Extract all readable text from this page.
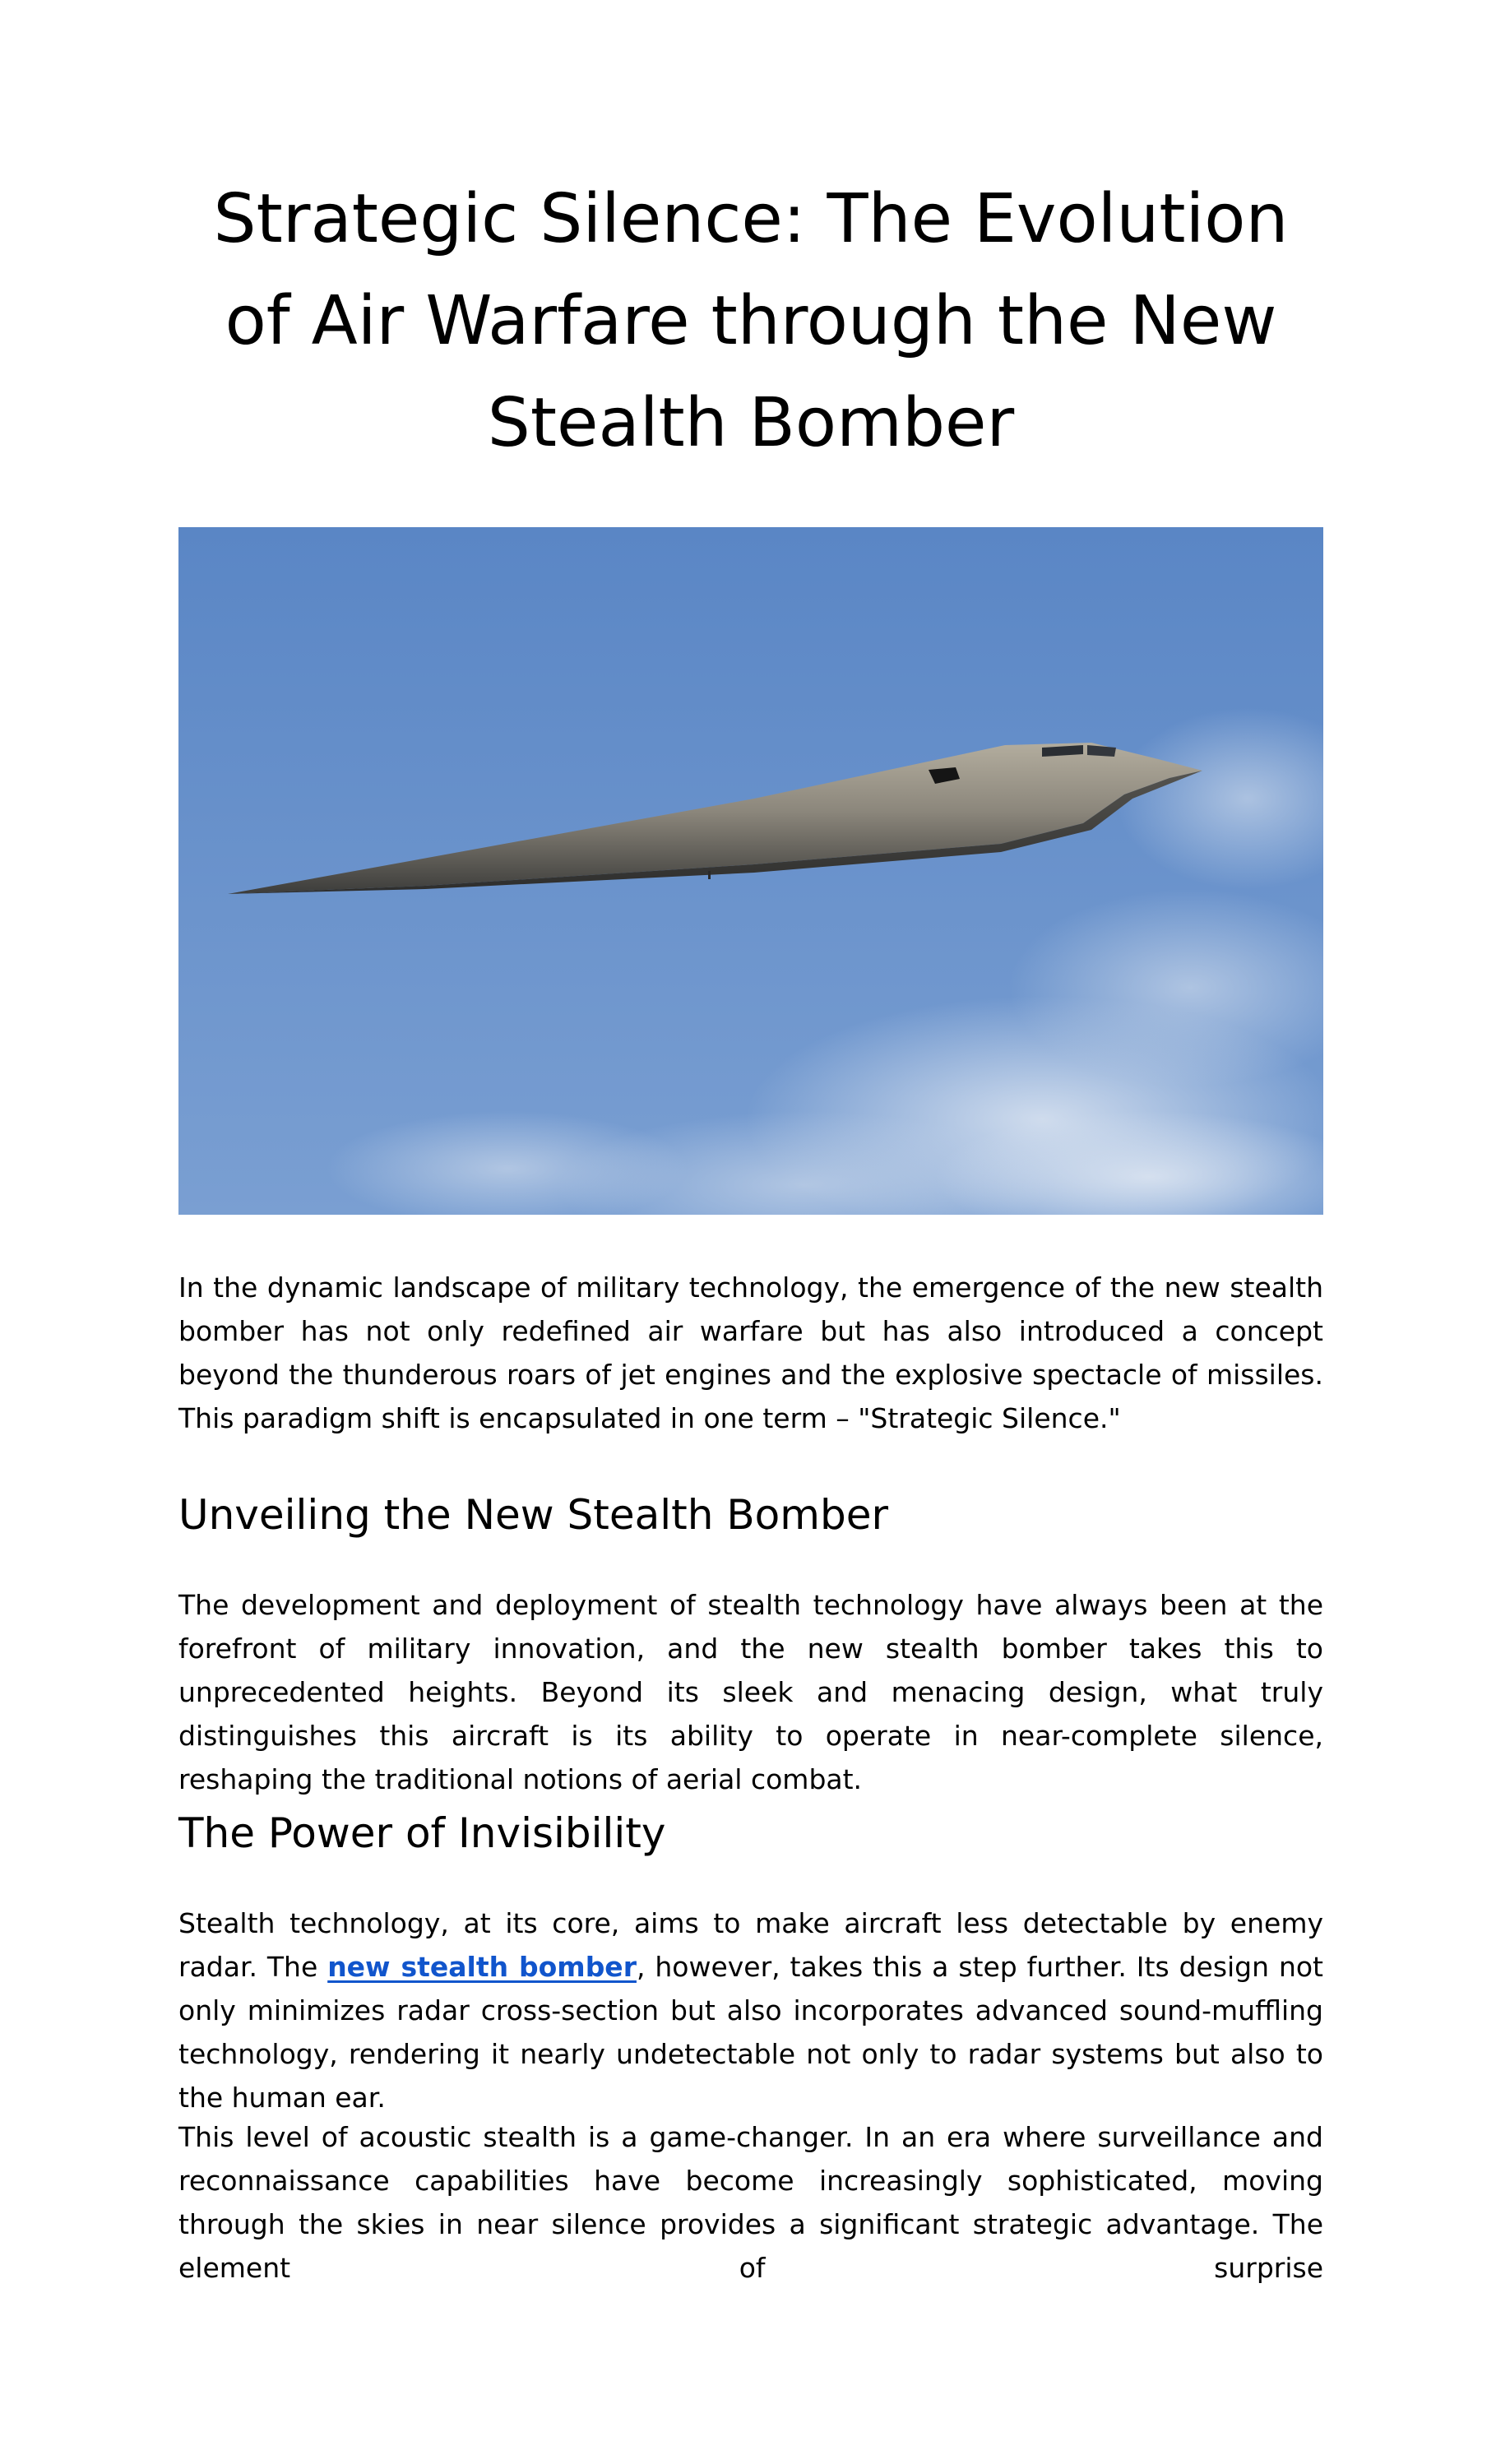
Strategic Silence: The Evolution of Air Warfare through the New Stealth Bomber

In the dynamic landscape of military technology, the emergence of the new stealth bomber has not only redefined air warfare but has also introduced a concept beyond the thunderous roars of jet engines and the explosive spectacle of missiles. This paradigm shift is encapsulated in one term – "Strategic Silence."

Unveiling the New Stealth Bomber

The development and deployment of stealth technology have always been at the forefront of military innovation, and the new stealth bomber takes this to unprecedented heights. Beyond its sleek and menacing design, what truly distinguishes this aircraft is its ability to operate in near-complete silence, reshaping the traditional notions of aerial combat.

The Power of Invisibility

Stealth technology, at its core, aims to make aircraft less detectable by enemy radar. The new stealth bomber, however, takes this a step further. Its design not only minimizes radar cross-section but also incorporates advanced sound-muffling technology, rendering it nearly undetectable not only to radar systems but also to the human ear.

This level of acoustic stealth is a game-changer. In an era where surveillance and reconnaissance capabilities have become increasingly sophisticated, moving through the skies in near silence provides a significant strategic advantage. The element of surprise
